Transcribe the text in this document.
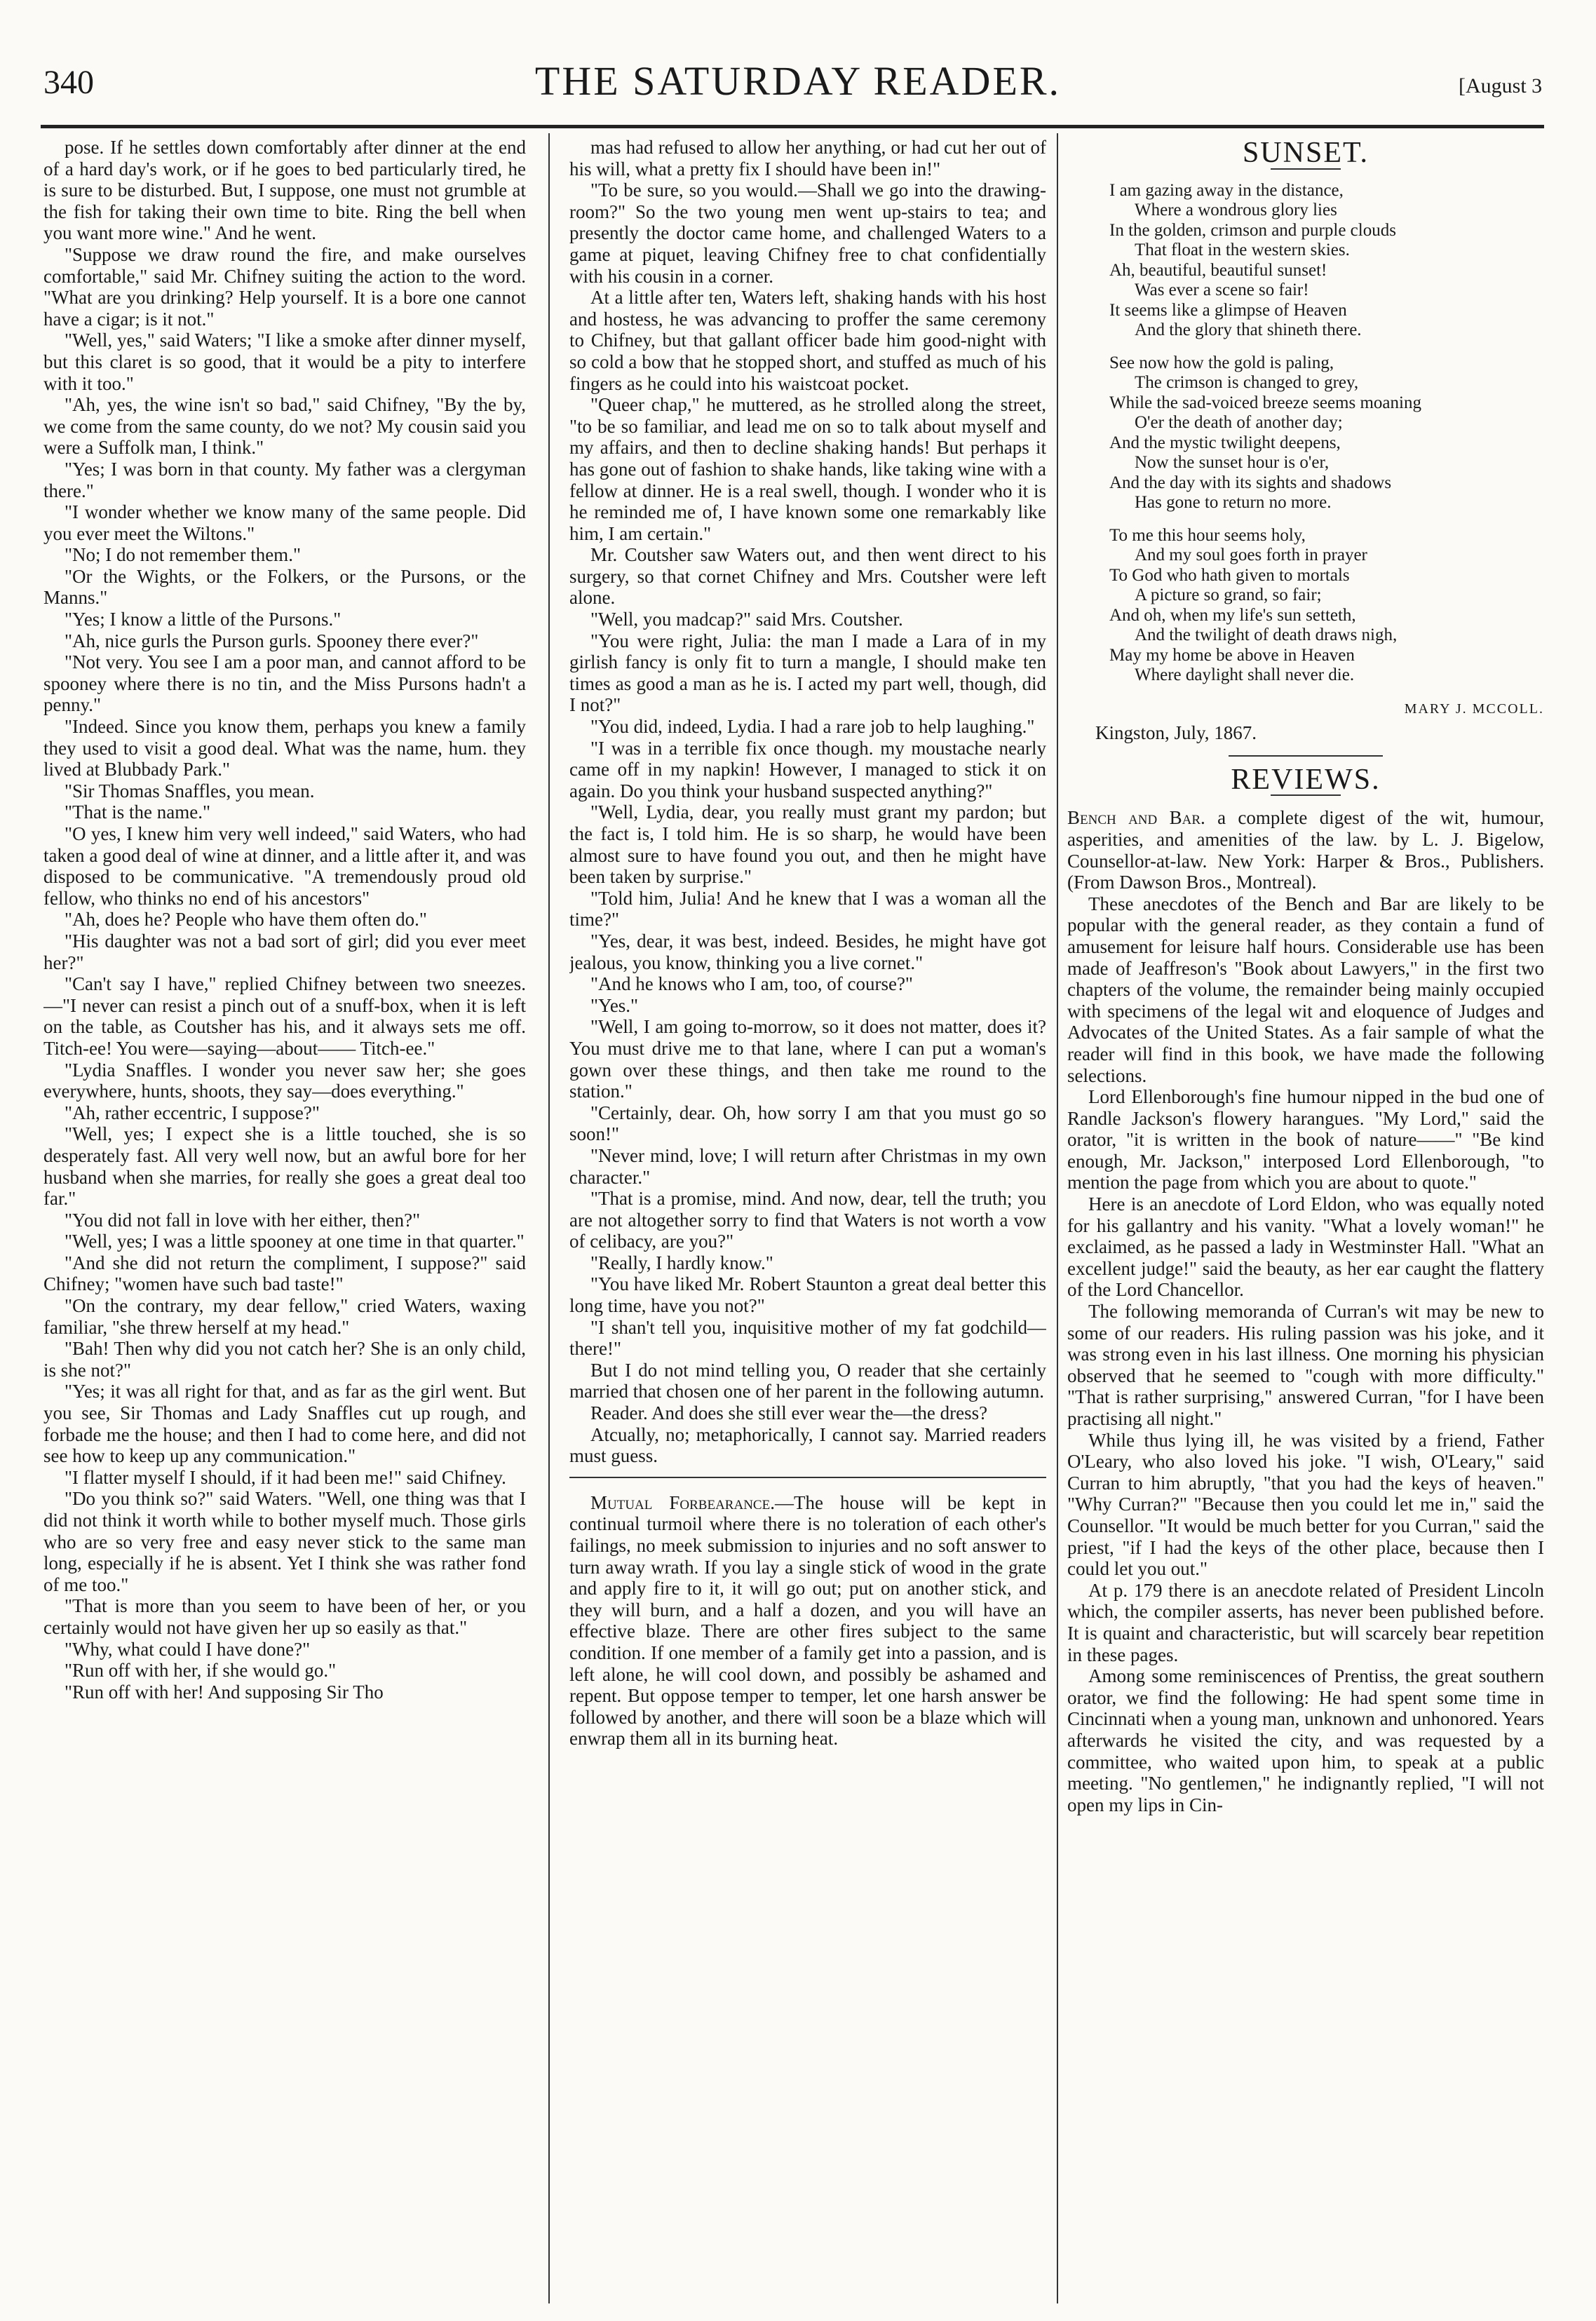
340	THE SATURDAY READER.	[August 3

pose. If he settles down comfortably after dinner at the end of a hard day's work, or if he goes to bed particularly tired, he is sure to be disturbed. But, I suppose, one must not grumble at the fish for taking their own time to bite. Ring the bell when you want more wine." And he went.

"Suppose we draw round the fire, and make ourselves comfortable," said Mr. Chifney suiting the action to the word. "What are you drinking? Help yourself. It is a bore one cannot have a cigar; is it not."

"Well, yes," said Waters; "I like a smoke after dinner myself, but this claret is so good, that it would be a pity to interfere with it too."

"Ah, yes, the wine isn't so bad," said Chifney, "By the by, we come from the same county, do we not? My cousin said you were a Suffolk man, I think."

"Yes; I was born in that county. My father was a clergyman there."

"I wonder whether we know many of the same people. Did you ever meet the Wiltons."

"No; I do not remember them."

"Or the Wights, or the Folkers, or the Pursons, or the Manns."

"Yes; I know a little of the Pursons."

"Ah, nice gurls the Purson gurls. Spooney there ever?"

"Not very. You see I am a poor man, and cannot afford to be spooney where there is no tin, and the Miss Pursons hadn't a penny."

"Indeed. Since you know them, perhaps you knew a family they used to visit a good deal. What was the name, hum. they lived at Blubbady Park."

"Sir Thomas Snaffles, you mean.

"That is the name."

"O yes, I knew him very well indeed," said Waters, who had taken a good deal of wine at dinner, and a little after it, and was disposed to be communicative. "A tremendously proud old fellow, who thinks no end of his ancestors"

"Ah, does he? People who have them often do."

"His daughter was not a bad sort of girl; did you ever meet her?"

"Can't say I have," replied Chifney between two sneezes.—"I never can resist a pinch out of a snuff-box, when it is left on the table, as Coutsher has his, and it always sets me off. Titch-ee! You were—saying—about—— Titch-ee."

"Lydia Snaffles. I wonder you never saw her; she goes everywhere, hunts, shoots, they say—does everything."

"Ah, rather eccentric, I suppose?"

"Well, yes; I expect she is a little touched, she is so desperately fast. All very well now, but an awful bore for her husband when she marries, for really she goes a great deal too far."

"You did not fall in love with her either, then?"

"Well, yes; I was a little spooney at one time in that quarter."

"And she did not return the compliment, I suppose?" said Chifney; "women have such bad taste!"

"On the contrary, my dear fellow," cried Waters, waxing familiar, "she threw herself at my head."

"Bah! Then why did you not catch her? She is an only child, is she not?"

"Yes; it was all right for that, and as far as the girl went. But you see, Sir Thomas and Lady Snaffles cut up rough, and forbade me the house; and then I had to come here, and did not see how to keep up any communication."

"I flatter myself I should, if it had been me!" said Chifney.

"Do you think so?" said Waters. "Well, one thing was that I did not think it worth while to bother myself much. Those girls who are so very free and easy never stick to the same man long, especially if he is absent. Yet I think she was rather fond of me too."

"That is more than you seem to have been of her, or you certainly would not have given her up so easily as that."

"Why, what could I have done?"

"Run off with her, if she would go."

"Run off with her! And supposing Sir Tho

mas had refused to allow her anything, or had cut her out of his will, what a pretty fix I should have been in!"

"To be sure, so you would.—Shall we go into the drawing-room?" So the two young men went up-stairs to tea; and presently the doctor came home, and challenged Waters to a game at piquet, leaving Chifney free to chat confidentially with his cousin in a corner.

At a little after ten, Waters left, shaking hands with his host and hostess, he was advancing to proffer the same ceremony to Chifney, but that gallant officer bade him good-night with so cold a bow that he stopped short, and stuffed as much of his fingers as he could into his waistcoat pocket.

"Queer chap," he muttered, as he strolled along the street, "to be so familiar, and lead me on so to talk about myself and my affairs, and then to decline shaking hands! But perhaps it has gone out of fashion to shake hands, like taking wine with a fellow at dinner. He is a real swell, though. I wonder who it is he reminded me of, I have known some one remarkably like him, I am certain."

Mr. Coutsher saw Waters out, and then went direct to his surgery, so that cornet Chifney and Mrs. Coutsher were left alone.

"Well, you madcap?" said Mrs. Coutsher.

"You were right, Julia: the man I made a Lara of in my girlish fancy is only fit to turn a mangle, I should make ten times as good a man as he is. I acted my part well, though, did I not?"

"You did, indeed, Lydia. I had a rare job to help laughing."

"I was in a terrible fix once though. my moustache nearly came off in my napkin! However, I managed to stick it on again. Do you think your husband suspected anything?"

"Well, Lydia, dear, you really must grant my pardon; but the fact is, I told him. He is so sharp, he would have been almost sure to have found you out, and then he might have been taken by surprise."

"Told him, Julia! And he knew that I was a woman all the time?"

"Yes, dear, it was best, indeed. Besides, he might have got jealous, you know, thinking you a live cornet."

"And he knows who I am, too, of course?"

"Yes."

"Well, I am going to-morrow, so it does not matter, does it? You must drive me to that lane, where I can put a woman's gown over these things, and then take me round to the station."

"Certainly, dear. Oh, how sorry I am that you must go so soon!"

"Never mind, love; I will return after Christmas in my own character."

"That is a promise, mind. And now, dear, tell the truth; you are not altogether sorry to find that Waters is not worth a vow of celibacy, are you?"

"Really, I hardly know."

"You have liked Mr. Robert Staunton a great deal better this long time, have you not?"

"I shan't tell you, inquisitive mother of my fat godchild—there!"

But I do not mind telling you, O reader that she certainly married that chosen one of her parent in the following autumn.

Reader. And does she still ever wear the—the dress?

Atcually, no; metaphorically, I cannot say. Married readers must guess.

Mutual Forbearance.—The house will be kept in continual turmoil where there is no toleration of each other's failings, no meek submission to injuries and no soft answer to turn away wrath. If you lay a single stick of wood in the grate and apply fire to it, it will go out; put on another stick, and they will burn, and a half a dozen, and you will have an effective blaze. There are other fires subject to the same condition. If one member of a family get into a passion, and is left alone, he will cool down, and possibly be ashamed and repent. But oppose temper to temper, let one harsh answer be followed by another, and there will soon be a blaze which will enwrap them all in its burning heat.

SUNSET.
I am gazing away in the distance,
Where a wondrous glory lies
In the golden, crimson and purple clouds
That float in the western skies.
Ah, beautiful, beautiful sunset!
Was ever a scene so fair!
It seems like a glimpse of Heaven
And the glory that shineth there.
See now how the gold is paling,
The crimson is changed to grey,
While the sad-voiced breeze seems moaning
O'er the death of another day;
And the mystic twilight deepens,
Now the sunset hour is o'er,
And the day with its sights and shadows
Has gone to return no more.
To me this hour seems holy,
And my soul goes forth in prayer
To God who hath given to mortals
A picture so grand, so fair;
And oh, when my life's sun setteth,
And the twilight of death draws nigh,
May my home be above in Heaven
Where daylight shall never die.
MARY J. MCCOLL.
Kingston, July, 1867.
REVIEWS.

Bench and Bar. a complete digest of the wit, humour, asperities, and amenities of the law. by L. J. Bigelow, Counsellor-at-law. New York: Harper & Bros., Publishers. (From Dawson Bros., Montreal).

These anecdotes of the Bench and Bar are likely to be popular with the general reader, as they contain a fund of amusement for leisure half hours. Considerable use has been made of Jeaffreson's "Book about Lawyers," in the first two chapters of the volume, the remainder being mainly occupied with specimens of the legal wit and eloquence of Judges and Advocates of the United States. As a fair sample of what the reader will find in this book, we have made the following selections.

Lord Ellenborough's fine humour nipped in the bud one of Randle Jackson's flowery harangues. "My Lord," said the orator, "it is written in the book of nature——" "Be kind enough, Mr. Jackson," interposed Lord Ellenborough, "to mention the page from which you are about to quote."

Here is an anecdote of Lord Eldon, who was equally noted for his gallantry and his vanity. "What a lovely woman!" he exclaimed, as he passed a lady in Westminster Hall. "What an excellent judge!" said the beauty, as her ear caught the flattery of the Lord Chancellor.

The following memoranda of Curran's wit may be new to some of our readers. His ruling passion was his joke, and it was strong even in his last illness. One morning his physician observed that he seemed to "cough with more difficulty." "That is rather surprising," answered Curran, "for I have been practising all night."

While thus lying ill, he was visited by a friend, Father O'Leary, who also loved his joke. "I wish, O'Leary," said Curran to him abruptly, "that you had the keys of heaven." "Why Curran?" "Because then you could let me in," said the Counsellor. "It would be much better for you Curran," said the priest, "if I had the keys of the other place, because then I could let you out."

At p. 179 there is an anecdote related of President Lincoln which, the compiler asserts, has never been published before. It is quaint and characteristic, but will scarcely bear repetition in these pages.

Among some reminiscences of Prentiss, the great southern orator, we find the following: He had spent some time in Cincinnati when a young man, unknown and unhonored. Years afterwards he visited the city, and was requested by a committee, who waited upon him, to speak at a public meeting. "No gentlemen," he indignantly replied, "I will not open my lips in Cin-
